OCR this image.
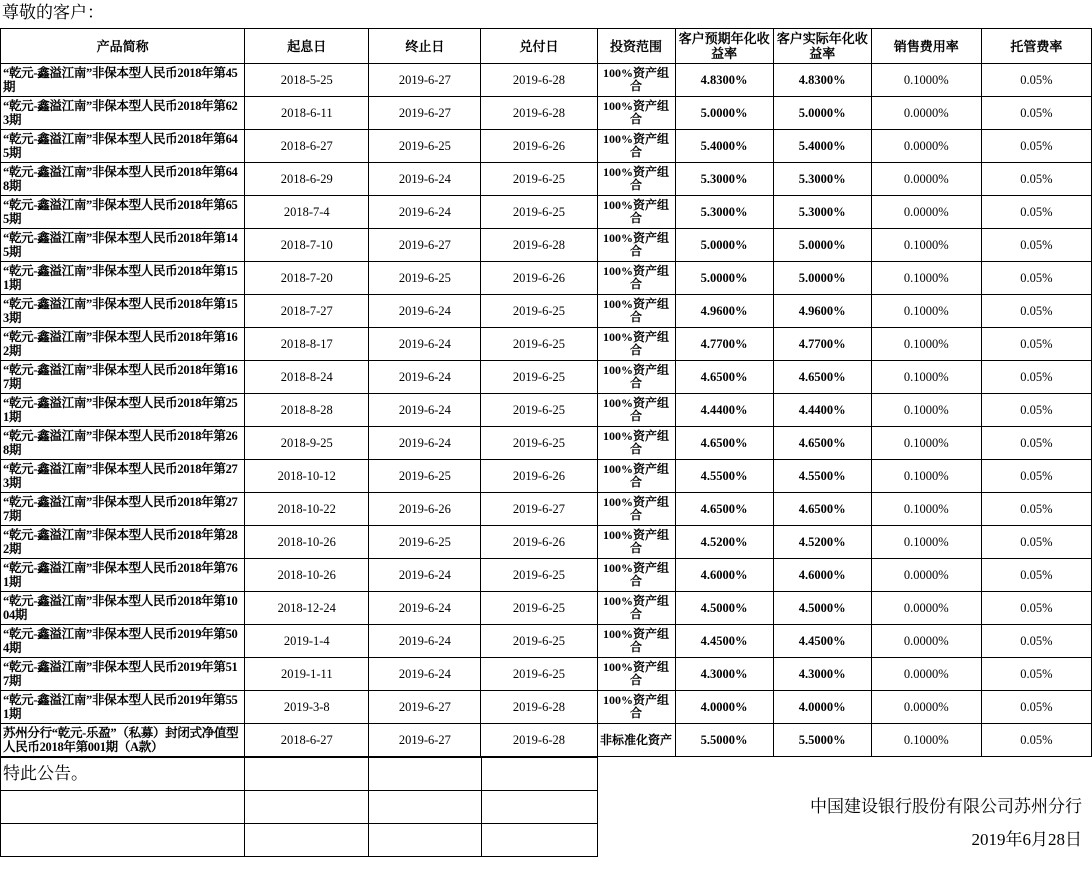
尊敬的客户：
产品简称	起息日	终止日	兑付日	投资范围	客户预期年化收益率	客户实际年化收益率	销售费用率	托管费率
“乾元-鑫溢江南”非保本型人民币2018年第45期	2018-5-25	2019-6-27	2019-6-28	100%资产组合	4.8300%	4.8300%	0.1000%	0.05%
“乾元-鑫溢江南”非保本型人民币2018年第623期	2018-6-11	2019-6-27	2019-6-28	100%资产组合	5.0000%	5.0000%	0.0000%	0.05%
“乾元-鑫溢江南”非保本型人民币2018年第645期	2018-6-27	2019-6-25	2019-6-26	100%资产组合	5.4000%	5.4000%	0.0000%	0.05%
“乾元-鑫溢江南”非保本型人民币2018年第648期	2018-6-29	2019-6-24	2019-6-25	100%资产组合	5.3000%	5.3000%	0.0000%	0.05%
“乾元-鑫溢江南”非保本型人民币2018年第655期	2018-7-4	2019-6-24	2019-6-25	100%资产组合	5.3000%	5.3000%	0.0000%	0.05%
“乾元-鑫溢江南”非保本型人民币2018年第145期	2018-7-10	2019-6-27	2019-6-28	100%资产组合	5.0000%	5.0000%	0.1000%	0.05%
“乾元-鑫溢江南”非保本型人民币2018年第151期	2018-7-20	2019-6-25	2019-6-26	100%资产组合	5.0000%	5.0000%	0.1000%	0.05%
“乾元-鑫溢江南”非保本型人民币2018年第153期	2018-7-27	2019-6-24	2019-6-25	100%资产组合	4.9600%	4.9600%	0.1000%	0.05%
“乾元-鑫溢江南”非保本型人民币2018年第162期	2018-8-17	2019-6-24	2019-6-25	100%资产组合	4.7700%	4.7700%	0.1000%	0.05%
“乾元-鑫溢江南”非保本型人民币2018年第167期	2018-8-24	2019-6-24	2019-6-25	100%资产组合	4.6500%	4.6500%	0.1000%	0.05%
“乾元-鑫溢江南”非保本型人民币2018年第251期	2018-8-28	2019-6-24	2019-6-25	100%资产组合	4.4400%	4.4400%	0.1000%	0.05%
“乾元-鑫溢江南”非保本型人民币2018年第268期	2018-9-25	2019-6-24	2019-6-25	100%资产组合	4.6500%	4.6500%	0.1000%	0.05%
“乾元-鑫溢江南”非保本型人民币2018年第273期	2018-10-12	2019-6-25	2019-6-26	100%资产组合	4.5500%	4.5500%	0.1000%	0.05%
“乾元-鑫溢江南”非保本型人民币2018年第277期	2018-10-22	2019-6-26	2019-6-27	100%资产组合	4.6500%	4.6500%	0.1000%	0.05%
“乾元-鑫溢江南”非保本型人民币2018年第282期	2018-10-26	2019-6-25	2019-6-26	100%资产组合	4.5200%	4.5200%	0.1000%	0.05%
“乾元-鑫溢江南”非保本型人民币2018年第761期	2018-10-26	2019-6-24	2019-6-25	100%资产组合	4.6000%	4.6000%	0.0000%	0.05%
“乾元-鑫溢江南”非保本型人民币2018年第1004期	2018-12-24	2019-6-24	2019-6-25	100%资产组合	4.5000%	4.5000%	0.0000%	0.05%
“乾元-鑫溢江南”非保本型人民币2019年第504期	2019-1-4	2019-6-24	2019-6-25	100%资产组合	4.4500%	4.4500%	0.0000%	0.05%
“乾元-鑫溢江南”非保本型人民币2019年第517期	2019-1-11	2019-6-24	2019-6-25	100%资产组合	4.3000%	4.3000%	0.0000%	0.05%
“乾元-鑫溢江南”非保本型人民币2019年第551期	2019-3-8	2019-6-27	2019-6-28	100%资产组合	4.0000%	4.0000%	0.0000%	0.05%
苏州分行“乾元-乐盈”（私募）封闭式净值型人民币2018年第001期（A款）	2018-6-27	2019-6-27	2019-6-28	非标准化资产	5.5000%	5.5000%	0.1000%	0.05%
特此公告。								

				中国建设银行股份有限公司苏州分行				

				2019年6月28日				
